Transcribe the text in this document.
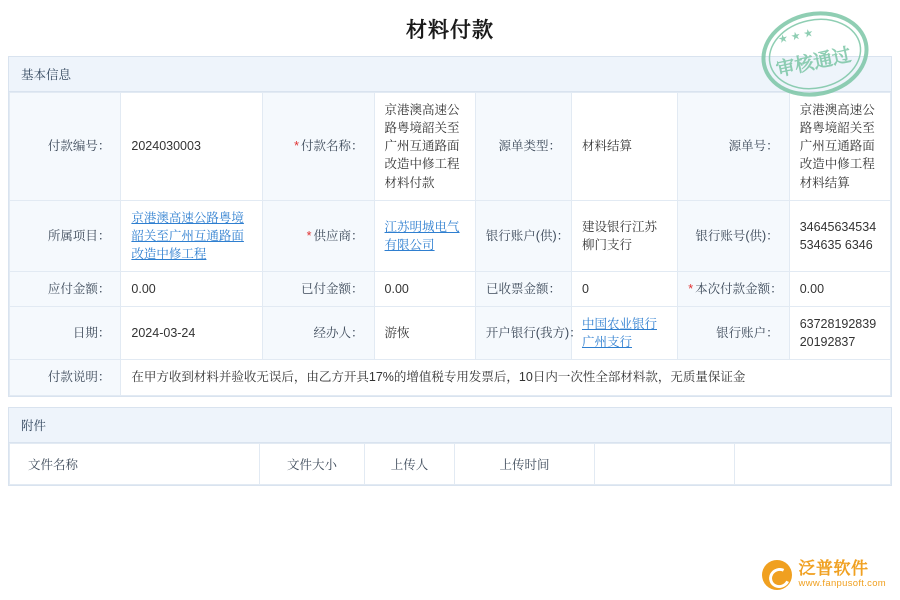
材料付款	★ ★ ★
审核通过
基本信息
付款编号：	2024030003	* 付款名称：	京港澳高速公路粤境韶关至广州互通路面改造中修工程材料付款	源单类型：	材料结算	源单号：	京港澳高速公路粤境韶关至广州互通路面改造中修工程材料结算
所属项目：	京港澳高速公路粤境韶关至广州互通路面改造中修工程	* 供应商：	江苏明城电气有限公司	银行账户(供)：	建设银行江苏柳门支行	银行账号(供)：	34645634534534635 6346
应付金额：	0.00	已付金额：	0.00	已收票金额：	0	* 本次付款金额：	0.00
日期：	2024-03-24	经办人：	游恢	开户银行(我方)：	中国农业银行广州支行	银行账户：	6372819283920192837
付款说明：	在甲方收到材料并验收无误后，由乙方开具17%的增值税专用发票后，10日内一次性全部材料款，无质量保证金						
附件
文件名称	文件大小	上传人	上传时间		
泛普软件
www.fanpusoft.com
